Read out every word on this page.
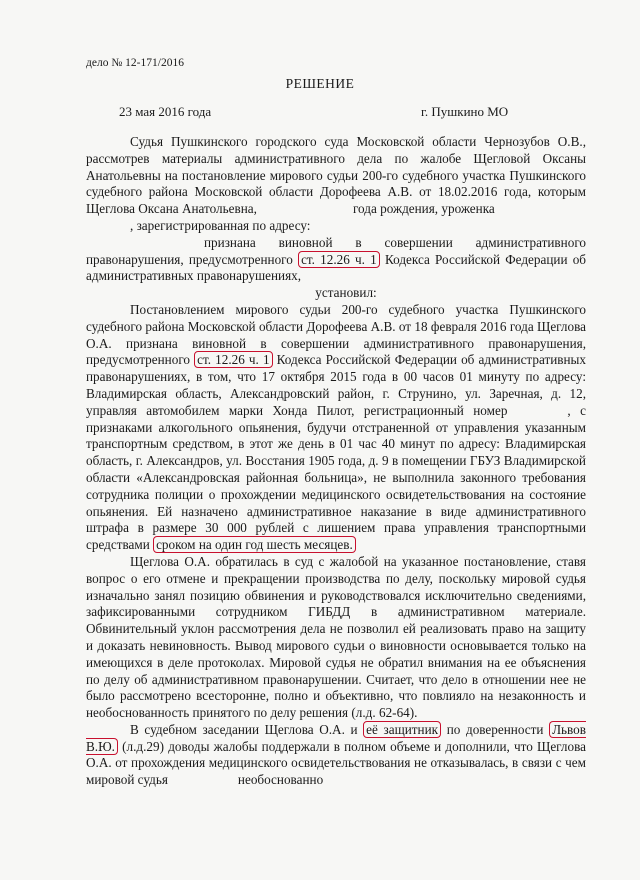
дело № 12-171/2016
РЕШЕНИЕ
23 мая 2016 года	г. Пушкино МО

Судья Пушкинского городского суда Московской области Чернозубов О.В., рассмотрев материалы административного дела по жалобе Щегловой Оксаны Анатольевны на постановление мирового судьи 200-го судебного участка Пушкинского судебного района Московской области Дорофеева А.В. от 18.02.2016 года, которым Щеглова Оксана Анатольевна,	года рождения, уроженка

, зарегистрированная по адресу:

признана виновной в совершении административного правонарушения, предусмотренного ст. 12.26 ч. 1 Кодекса Российской Федерации об административных правонарушениях,

установил:

Постановлением мирового судьи 200-го судебного участка Пушкинского судебного района Московской области Дорофеева А.В. от 18 февраля 2016 года Щеглова О.А. признана виновной в совершении административного правонарушения, предусмотренного ст. 12.26 ч. 1 Кодекса Российской Федерации об административных правонарушениях, в том, что 17 октября 2015 года в 00 часов 01 минуту по адресу: Владимирская область, Александровский район, г. Струнино, ул. Заречная, д. 12, управляя автомобилем марки Хонда Пилот, регистрационный номер	, с признаками алкогольного опьянения, будучи отстраненной от управления указанным транспортным средством, в этот же день в 01 час 40 минут по адресу: Владимирская область, г. Александров, ул. Восстания 1905 года, д. 9 в помещении ГБУЗ Владимирской области «Александровская районная больница», не выполнила законного требования сотрудника полиции о прохождении медицинского освидетельствования на состояние опьянения. Ей назначено административное наказание в виде административного штрафа в размере 30 000 рублей с лишением права управления транспортными средствами сроком на один год шесть месяцев.

Щеглова О.А. обратилась в суд с жалобой на указанное постановление, ставя вопрос о его отмене и прекращении производства по делу, поскольку мировой судья изначально занял позицию обвинения и руководствовался исключительно сведениями, зафиксированными сотрудником ГИБДД в административном материале. Обвинительный уклон рассмотрения дела не позволил ей реализовать право на защиту и доказать невиновность. Вывод мирового судьи о виновности основывается только на имеющихся в деле протоколах. Мировой судья не обратил внимания на ее объяснения по делу об административном правонарушении. Считает, что дело в отношении нее не было рассмотрено всесторонне, полно и объективно, что повлияло на незаконность и необоснованность принятого по делу решения (л.д. 62-64).

В судебном заседании Щеглова О.А. и её защитник по доверенности Львов В.Ю. (л.д.29) доводы жалобы поддержали в полном объеме и дополнили, что Щеглова О.А. от прохождения медицинского освидетельствования не отказывалась, в связи с чем мировой судья	необоснованно
